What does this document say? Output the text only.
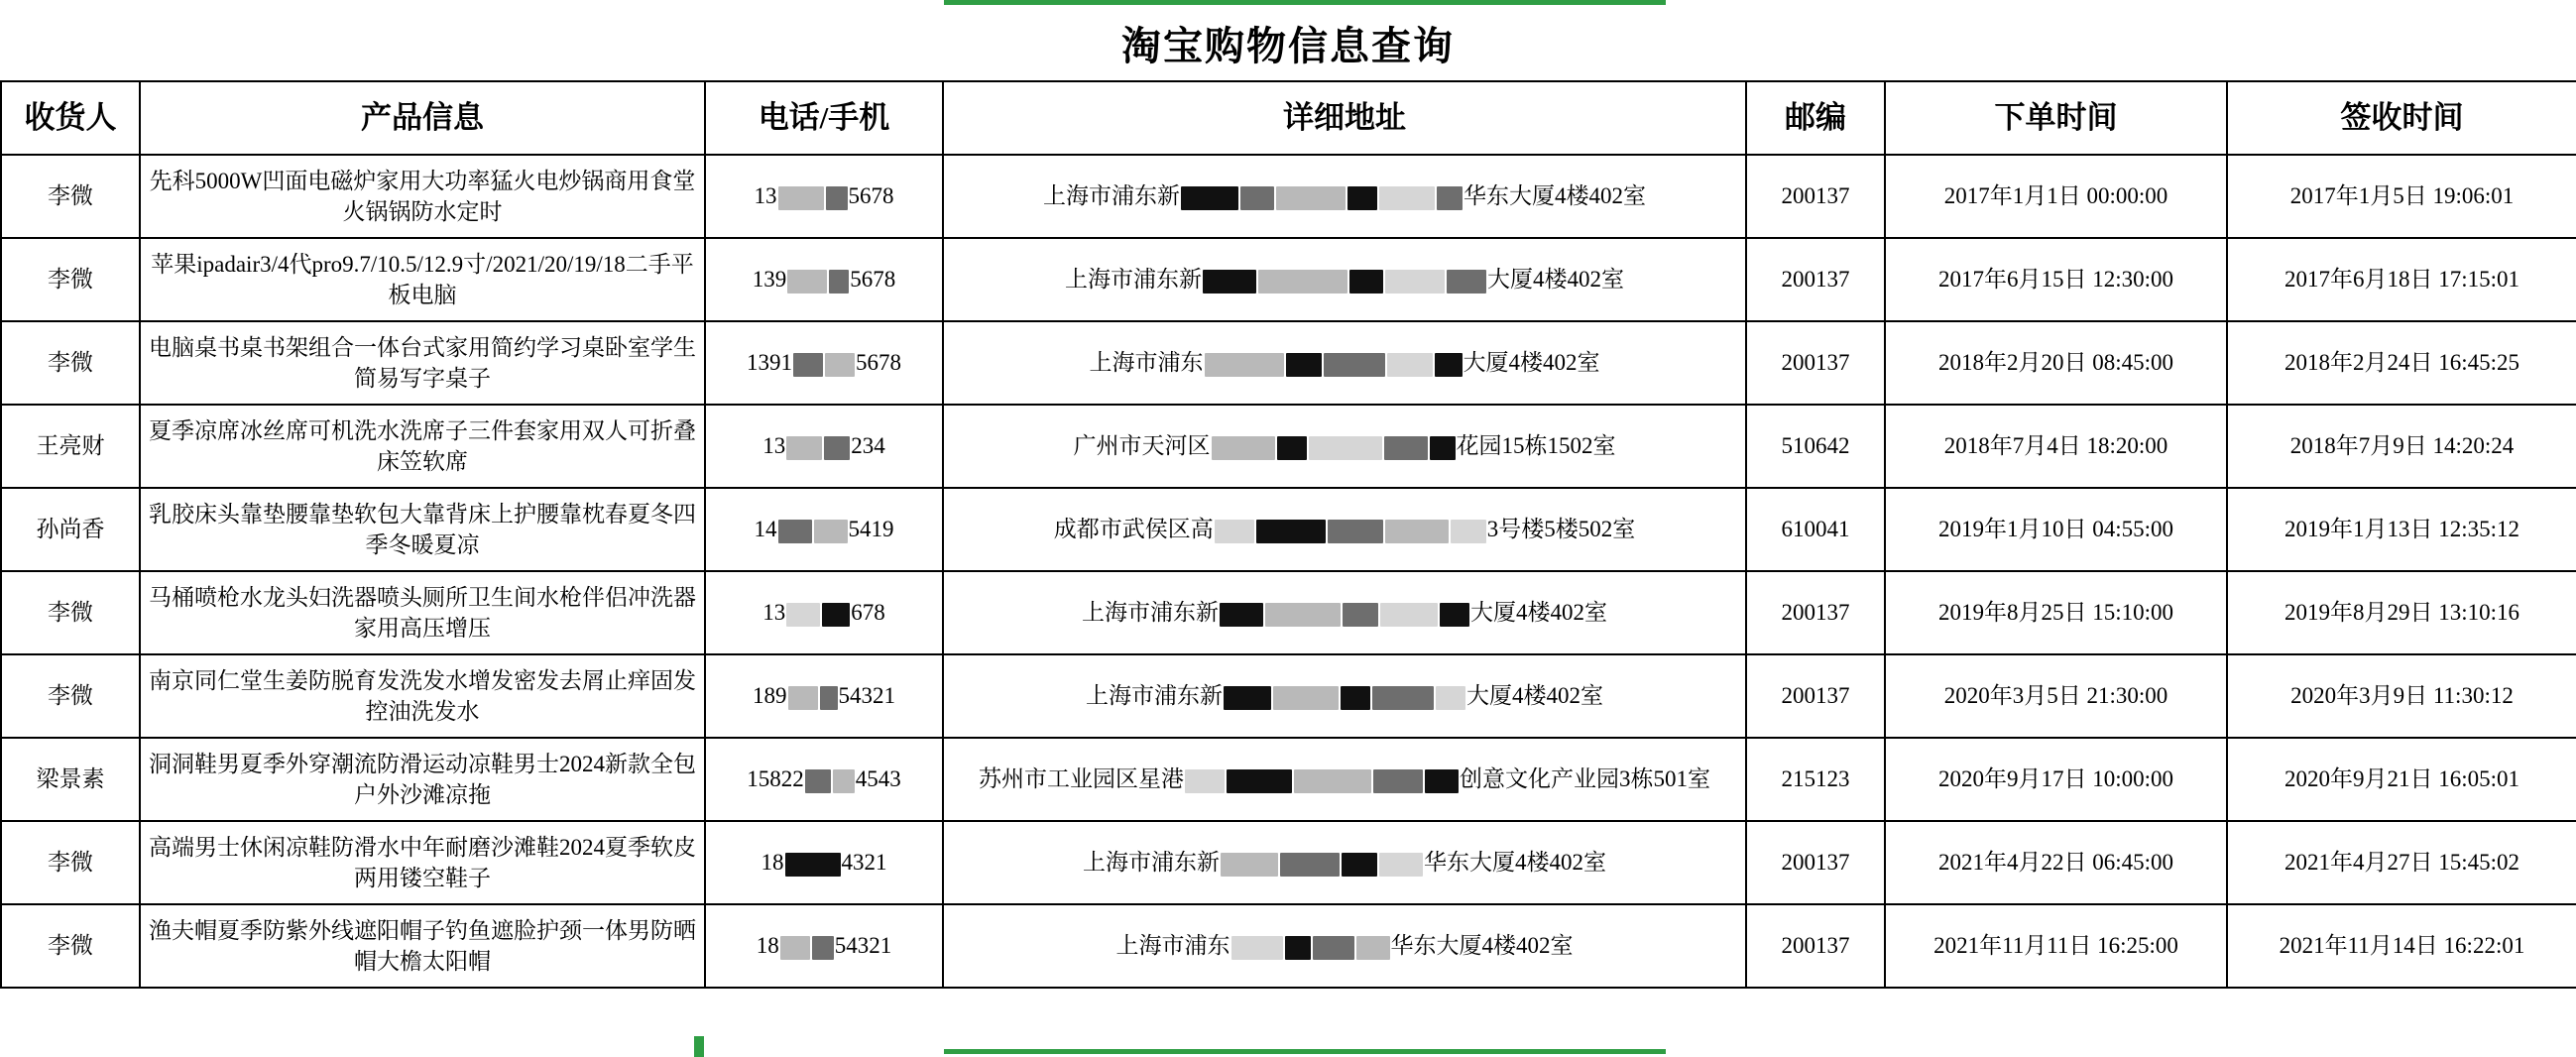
淘宝购物信息查询
收货人	产品信息	电话/手机	详细地址	邮编	下单时间	签收时间
李微	先科5000W凹面电磁炉家用大功率猛火电炒锅商用食堂火锅锅防水定时	13 5678	上海市浦东新 华东大厦4楼402室	200137	2017年1月1日 00:00:00	2017年1月5日 19:06:01
李微	苹果ipadair3/4代pro9.7/10.5/12.9寸/2021/20/19/18二手平板电脑	139 5678	上海市浦东新 大厦4楼402室	200137	2017年6月15日 12:30:00	2017年6月18日 17:15:01
李微	电脑桌书桌书架组合一体台式家用简约学习桌卧室学生简易写字桌子	1391 5678	上海市浦东 大厦4楼402室	200137	2018年2月20日 08:45:00	2018年2月24日 16:45:25
王亮财	夏季凉席冰丝席可机洗水洗席子三件套家用双人可折叠床笠软席	13 234	广州市天河区 花园15栋1502室	510642	2018年7月4日 18:20:00	2018年7月9日 14:20:24
孙尚香	乳胶床头靠垫腰靠垫软包大靠背床上护腰靠枕春夏冬四季冬暖夏凉	14 5419	成都市武侯区高 3号楼5楼502室	610041	2019年1月10日 04:55:00	2019年1月13日 12:35:12
李微	马桶喷枪水龙头妇洗器喷头厕所卫生间水枪伴侣冲洗器家用高压增压	13 678	上海市浦东新 大厦4楼402室	200137	2019年8月25日 15:10:00	2019年8月29日 13:10:16
李微	南京同仁堂生姜防脱育发洗发水增发密发去屑止痒固发控油洗发水	189 54321	上海市浦东新 大厦4楼402室	200137	2020年3月5日 21:30:00	2020年3月9日 11:30:12
梁景素	洞洞鞋男夏季外穿潮流防滑运动凉鞋男士2024新款全包户外沙滩凉拖	15822 4543	苏州市工业园区星港 创意文化产业园3栋501室	215123	2020年9月17日 10:00:00	2020年9月21日 16:05:01
李微	高端男士休闲凉鞋防滑水中年耐磨沙滩鞋2024夏季软皮两用镂空鞋子	18 4321	上海市浦东新 华东大厦4楼402室	200137	2021年4月22日 06:45:00	2021年4月27日 15:45:02
李微	渔夫帽夏季防紫外线遮阳帽子钓鱼遮脸护颈一体男防晒帽大檐太阳帽	18 54321	上海市浦东 华东大厦4楼402室	200137	2021年11月11日 16:25:00	2021年11月14日 16:22:01
